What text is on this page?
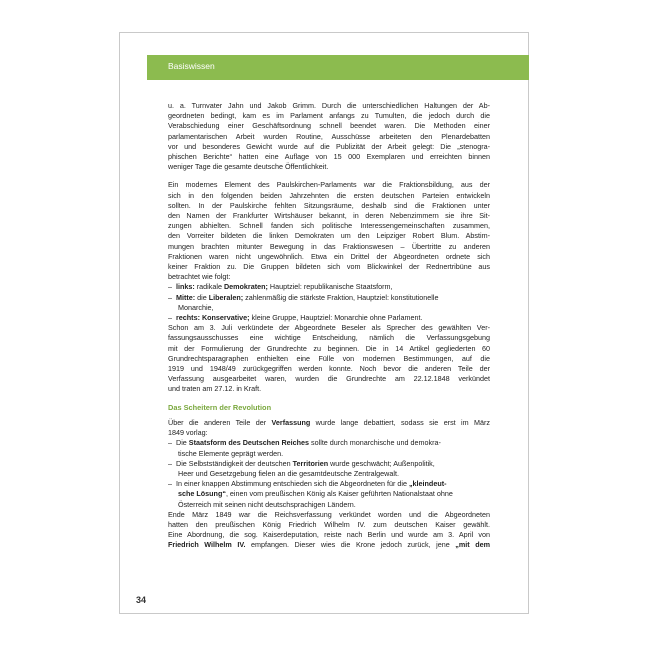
Basiswissen
u. a. Turnvater Jahn und Jakob Grimm. Durch die unterschiedlichen Haltungen der Ab-
geordneten bedingt, kam es im Parlament anfangs zu Tumulten, die jedoch durch die
Verabschiedung einer Geschäftsordnung schnell beendet waren. Die Methoden einer
parlamentarischen Arbeit wurden Routine, Ausschüsse arbeiteten den Plenardebatten
vor und besonderes Gewicht wurde auf die Publizität der Arbeit gelegt: Die „stenogra-
phischen Berichte“ hatten eine Auflage von 15 000 Exemplaren und erreichten binnen
weniger Tage die gesamte deutsche Öffentlichkeit.
Ein modernes Element des Paulskirchen-Parlaments war die Fraktionsbildung, aus der
sich in den folgenden beiden Jahrzehnten die ersten deutschen Parteien entwickeln
sollten. In der Paulskirche fehlten Sitzungsräume, deshalb sind die Fraktionen unter
den Namen der Frankfurter Wirtshäuser bekannt, in deren Nebenzimmern sie ihre Sit-
zungen abhielten. Schnell fanden sich politische Interessengemeinschaften zusammen,
den Vorreiter bildeten die linken Demokraten um den Leipziger Robert Blum. Abstim-
mungen brachten mitunter Bewegung in das Fraktionswesen – Übertritte zu anderen
Fraktionen waren nicht ungewöhnlich. Etwa ein Drittel der Abgeordneten ordnete sich
keiner Fraktion zu. Die Gruppen bildeten sich vom Blickwinkel der Rednertribüne aus
betrachtet wie folgt:
–  links: radikale Demokraten; Hauptziel: republikanische Staatsform,
–  Mitte: die Liberalen; zahlenmäßig die stärkste Fraktion, Hauptziel: konstitutionelle
Monarchie,
–  rechts: Konservative; kleine Gruppe, Hauptziel: Monarchie ohne Parlament.
Schon am 3. Juli verkündete der Abgeordnete Beseler als Sprecher des gewählten Ver-
fassungsausschusses eine wichtige Entscheidung, nämlich die Verfassungsgebung
mit der Formulierung der Grundrechte zu beginnen. Die in 14 Artikel gegliederten 60
Grundrechtsparagraphen enthielten eine Fülle von modernen Bestimmungen, auf die
1919 und 1948/49 zurückgegriffen werden konnte. Noch bevor die anderen Teile der
Verfassung ausgearbeitet waren, wurden die Grundrechte am 22.12.1848 verkündet
und traten am 27.12. in Kraft.
Das Scheitern der Revolution
Über die anderen Teile der Verfassung wurde lange debattiert, sodass sie erst im März
1849 vorlag:
–  Die Staatsform des Deutschen Reiches sollte durch monarchische und demokra-
tische Elemente geprägt werden.
–  Die Selbstständigkeit der deutschen Territorien wurde geschwächt; Außenpolitik,
Heer und Gesetzgebung fielen an die gesamtdeutsche Zentralgewalt.
–  In einer knappen Abstimmung entschieden sich die Abgeordneten für die „kleindeut-
sche Lösung“, einen vom preußischen König als Kaiser geführten Nationalstaat ohne
Österreich mit seinen nicht deutschsprachigen Ländern.
Ende März 1849 war die Reichsverfassung verkündet worden und die Abgeordneten
hatten den preußischen König Friedrich Wilhelm IV. zum deutschen Kaiser gewählt.
Eine Abordnung, die sog. Kaiserdeputation, reiste nach Berlin und wurde am 3. April von
Friedrich Wilhelm IV. empfangen. Dieser wies die Krone jedoch zurück, jene „mit dem
34
